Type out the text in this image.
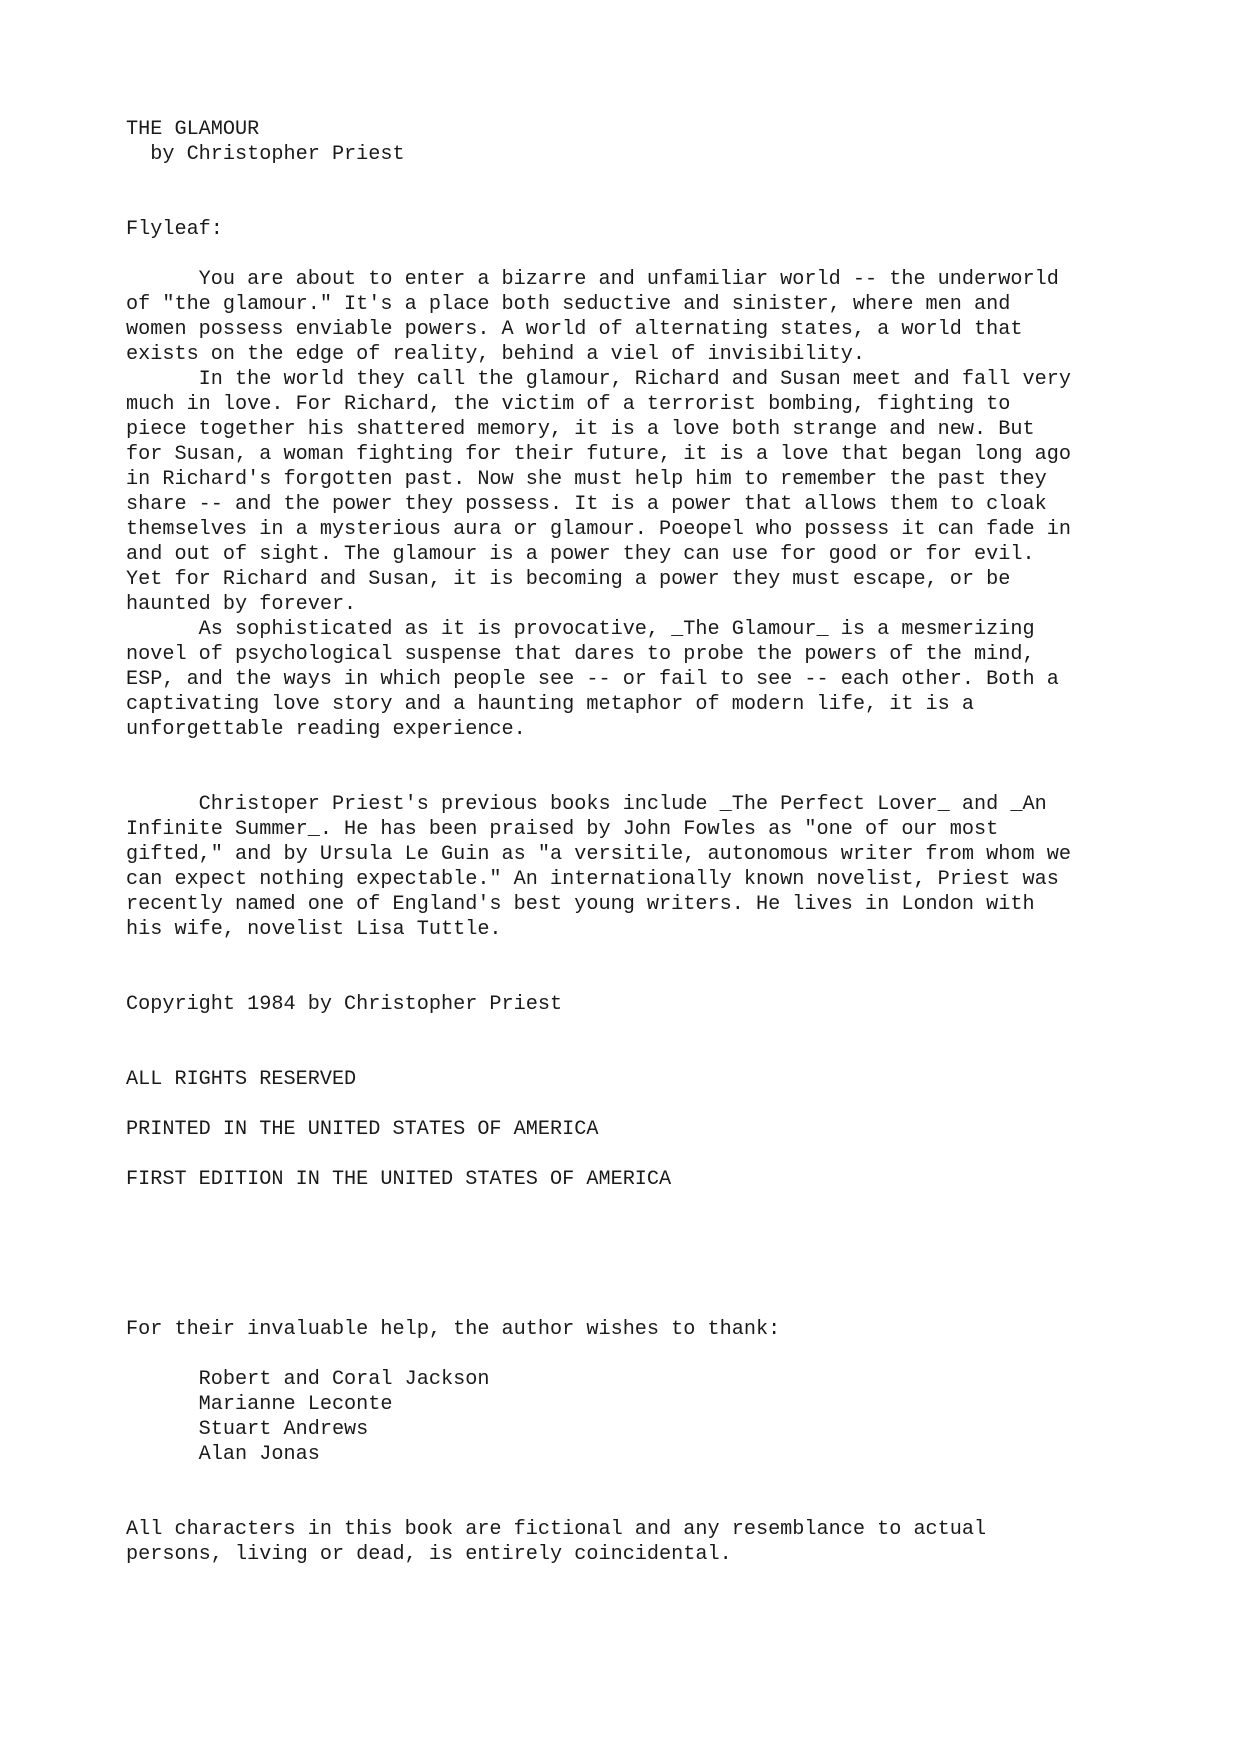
THE GLAMOUR
by Christopher Priest
Flyleaf:
You are about to enter a bizarre and unfamiliar world -- the underworld
of "the glamour." It's a place both seductive and sinister, where men and
women possess enviable powers. A world of alternating states, a world that
exists on the edge of reality, behind a viel of invisibility.
In the world they call the glamour, Richard and Susan meet and fall very
much in love. For Richard, the victim of a terrorist bombing, fighting to
piece together his shattered memory, it is a love both strange and new. But
for Susan, a woman fighting for their future, it is a love that began long ago
in Richard's forgotten past. Now she must help him to remember the past they
share -- and the power they possess. It is a power that allows them to cloak
themselves in a mysterious aura or glamour. Poeopel who possess it can fade in
and out of sight. The glamour is a power they can use for good or for evil.
Yet for Richard and Susan, it is becoming a power they must escape, or be
haunted by forever.
As sophisticated as it is provocative, _The Glamour_ is a mesmerizing
novel of psychological suspense that dares to probe the powers of the mind,
ESP, and the ways in which people see -- or fail to see -- each other. Both a
captivating love story and a haunting metaphor of modern life, it is a
unforgettable reading experience.
Christoper Priest's previous books include _The Perfect Lover_ and _An
Infinite Summer_. He has been praised by John Fowles as "one of our most
gifted," and by Ursula Le Guin as "a versitile, autonomous writer from whom we
can expect nothing expectable." An internationally known novelist, Priest was
recently named one of England's best young writers. He lives in London with
his wife, novelist Lisa Tuttle.
Copyright 1984 by Christopher Priest
ALL RIGHTS RESERVED
PRINTED IN THE UNITED STATES OF AMERICA
FIRST EDITION IN THE UNITED STATES OF AMERICA
For their invaluable help, the author wishes to thank:
Robert and Coral Jackson
Marianne Leconte
Stuart Andrews
Alan Jonas
All characters in this book are fictional and any resemblance to actual
persons, living or dead, is entirely coincidental.
